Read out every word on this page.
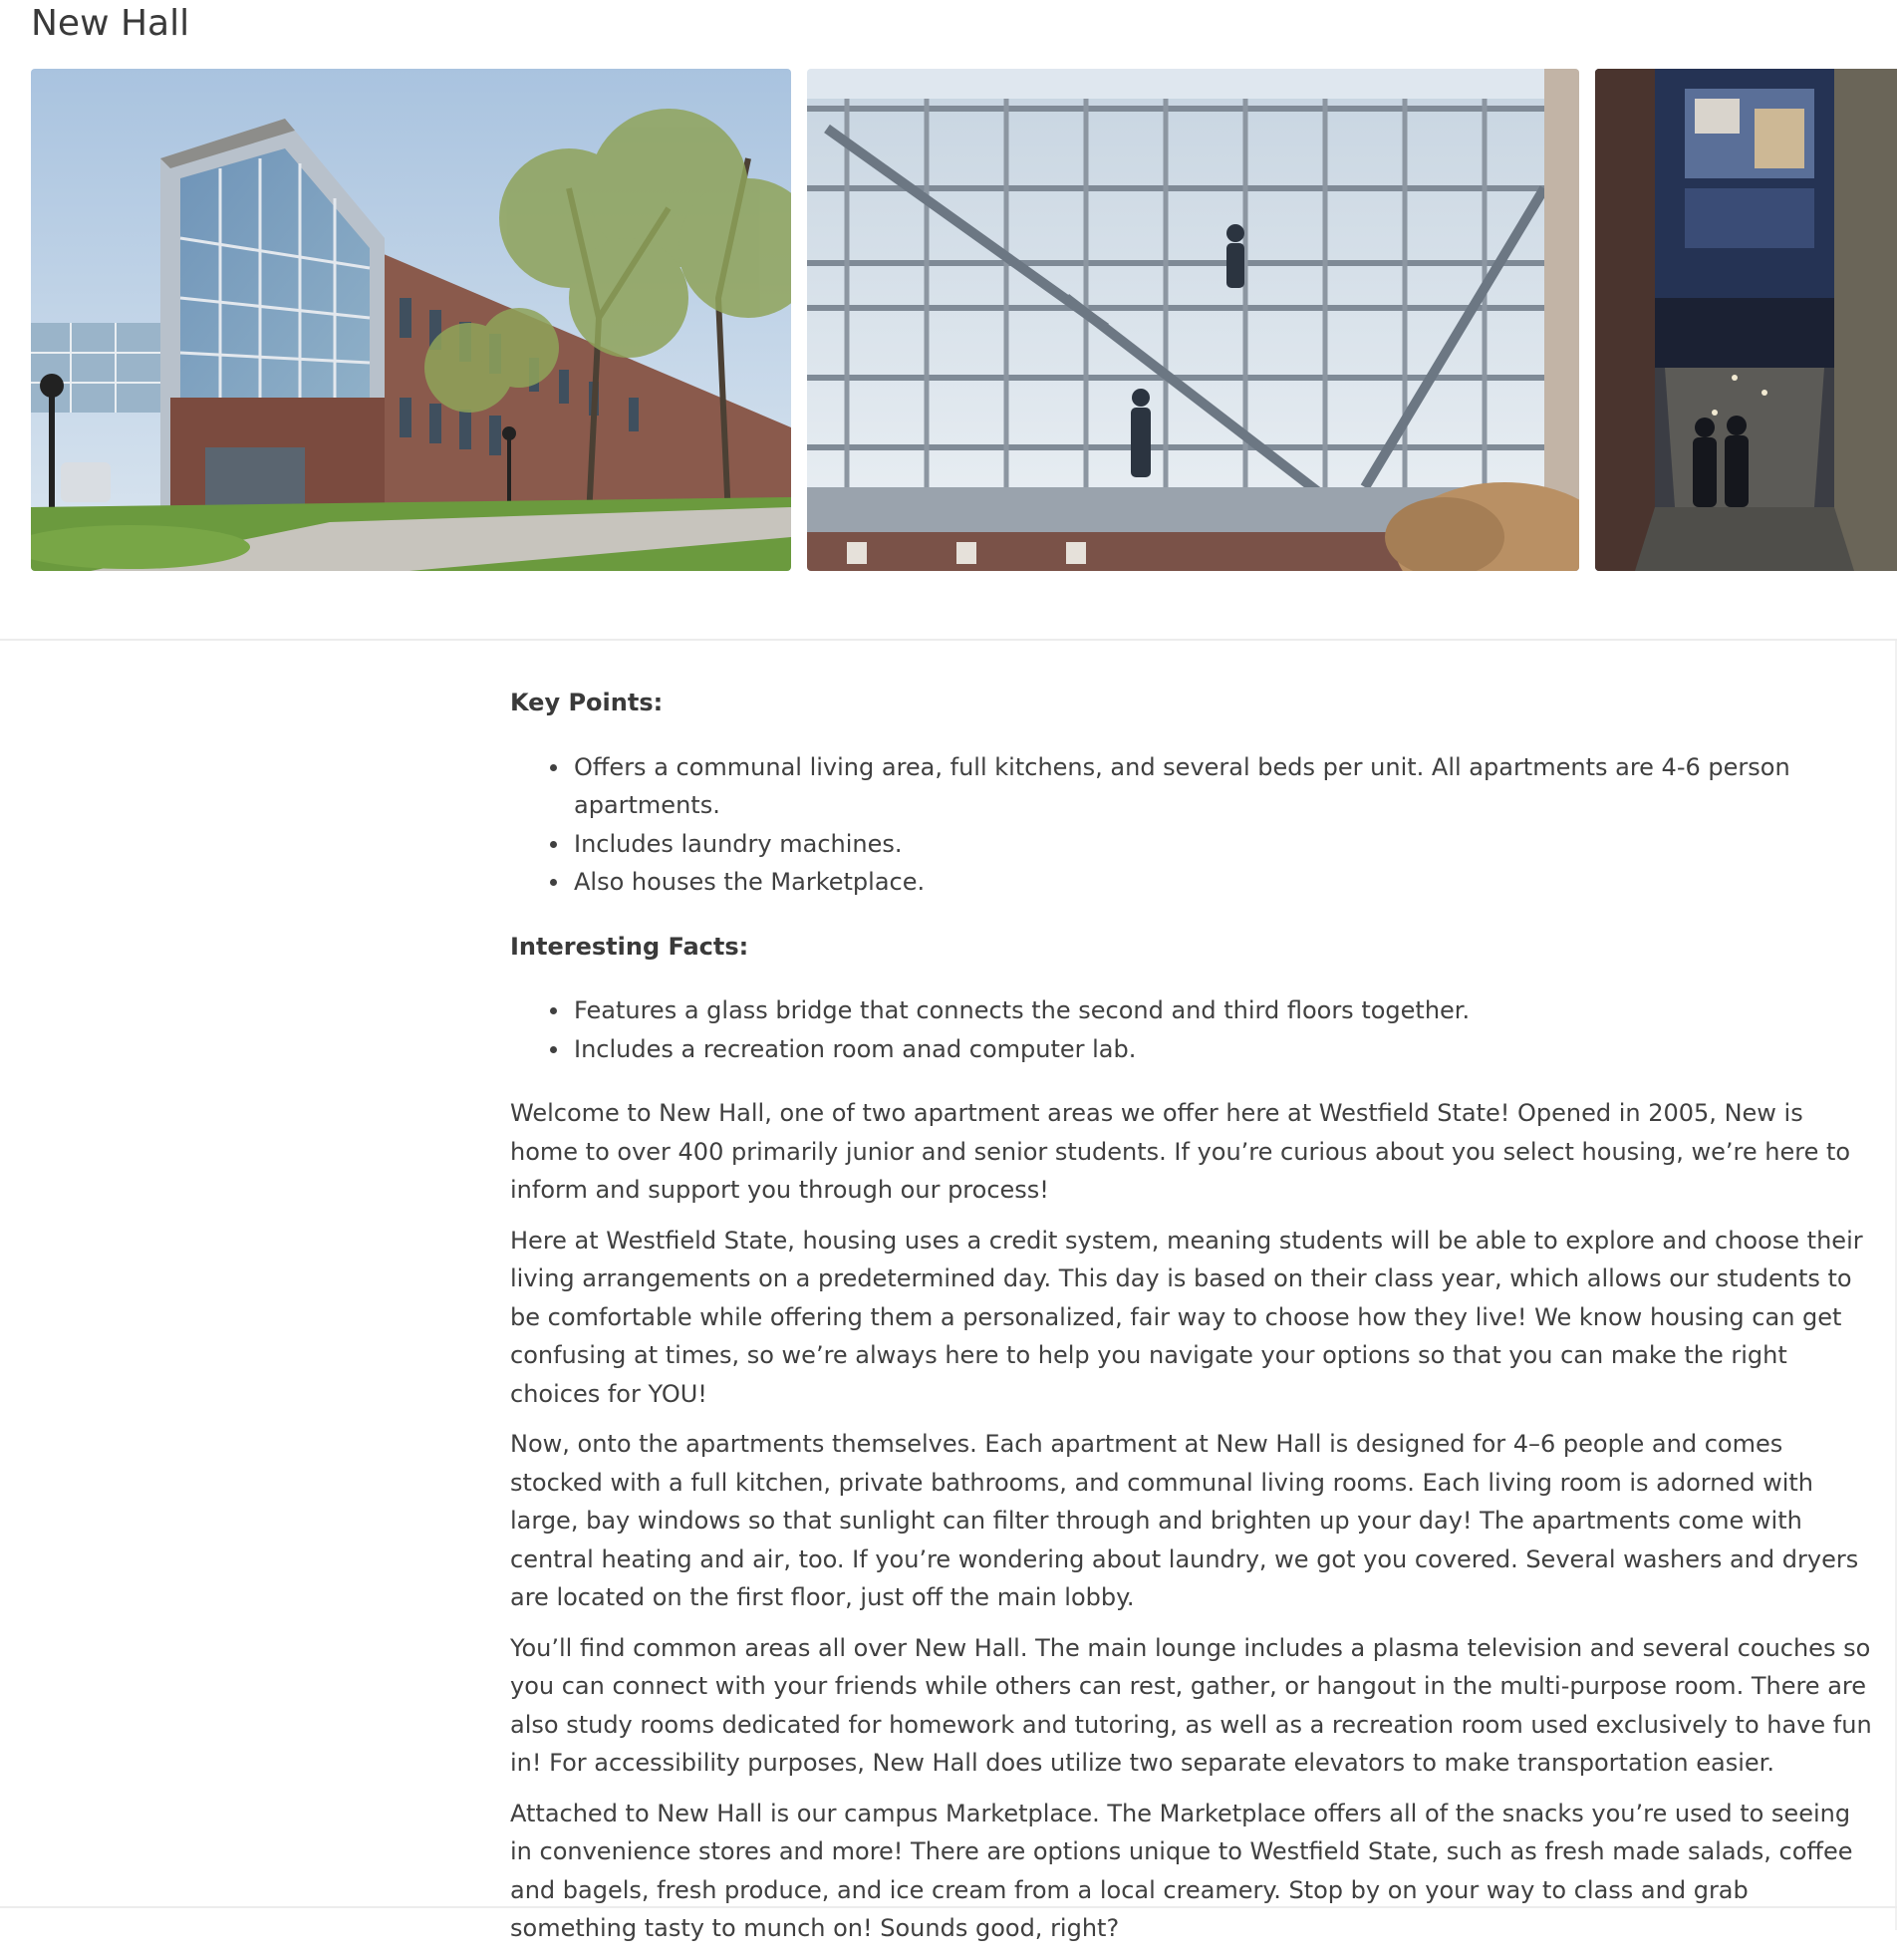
New Hall

Key Points:

Offers a communal living area, full kitchens, and several beds per unit. All apartments are 4-6 person apartments.
Includes laundry machines.
Also houses the Marketplace.

Interesting Facts:

Features a glass bridge that connects the second and third floors together.
Includes a recreation room anad computer lab.

Welcome to New Hall, one of two apartment areas we offer here at Westfield State! Opened in 2005, New is home to over 400 primarily junior and senior students. If you’re curious about you select housing, we’re here to inform and support you through our process!

Here at Westfield State, housing uses a credit system, meaning students will be able to explore and choose their living arrangements on a predetermined day. This day is based on their class year, which allows our students to be comfortable while offering them a personalized, fair way to choose how they live! We know housing can get confusing at times, so we’re always here to help you navigate your options so that you can make the right choices for YOU!

Now, onto the apartments themselves. Each apartment at New Hall is designed for 4–6 people and comes stocked with a full kitchen, private bathrooms, and communal living rooms. Each living room is adorned with large, bay windows so that sunlight can filter through and brighten up your day! The apartments come with central heating and air, too. If you’re wondering about laundry, we got you covered. Several washers and dryers are located on the first floor, just off the main lobby.

You’ll find common areas all over New Hall. The main lounge includes a plasma television and several couches so you can connect with your friends while others can rest, gather, or hangout in the multi-purpose room. There are also study rooms dedicated for homework and tutoring, as well as a recreation room used exclusively to have fun in! For accessibility purposes, New Hall does utilize two separate elevators to make transportation easier.

Attached to New Hall is our campus Marketplace. The Marketplace offers all of the snacks you’re used to seeing in convenience stores and more! There are options unique to Westfield State, such as fresh made salads, coffee and bagels, fresh produce, and ice cream from a local creamery. Stop by on your way to class and grab something tasty to munch on! Sounds good, right?
